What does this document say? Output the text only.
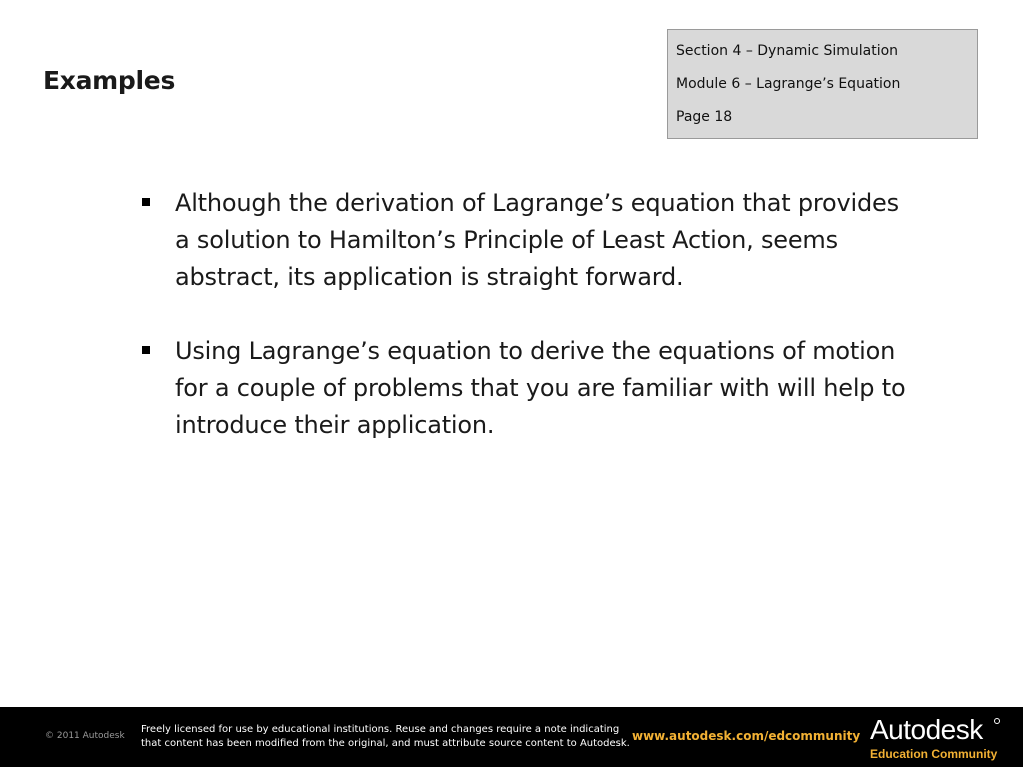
Examples
Section 4 – Dynamic Simulation
Module 6 – Lagrange’s Equation
Page 18
Although the derivation of Lagrange’s equation that provides a solution to Hamilton’s Principle of Least Action, seems abstract, its application is straight forward.
Using Lagrange’s equation to derive the equations of motion for a couple of problems that you are familiar with will help to introduce their application.
© 2011 Autodesk
Freely licensed for use by educational institutions. Reuse and changes require a note indicating
that content has been modified from the original, and must attribute source content to Autodesk.
www.autodesk.com/edcommunity Autodesk
Education Community
